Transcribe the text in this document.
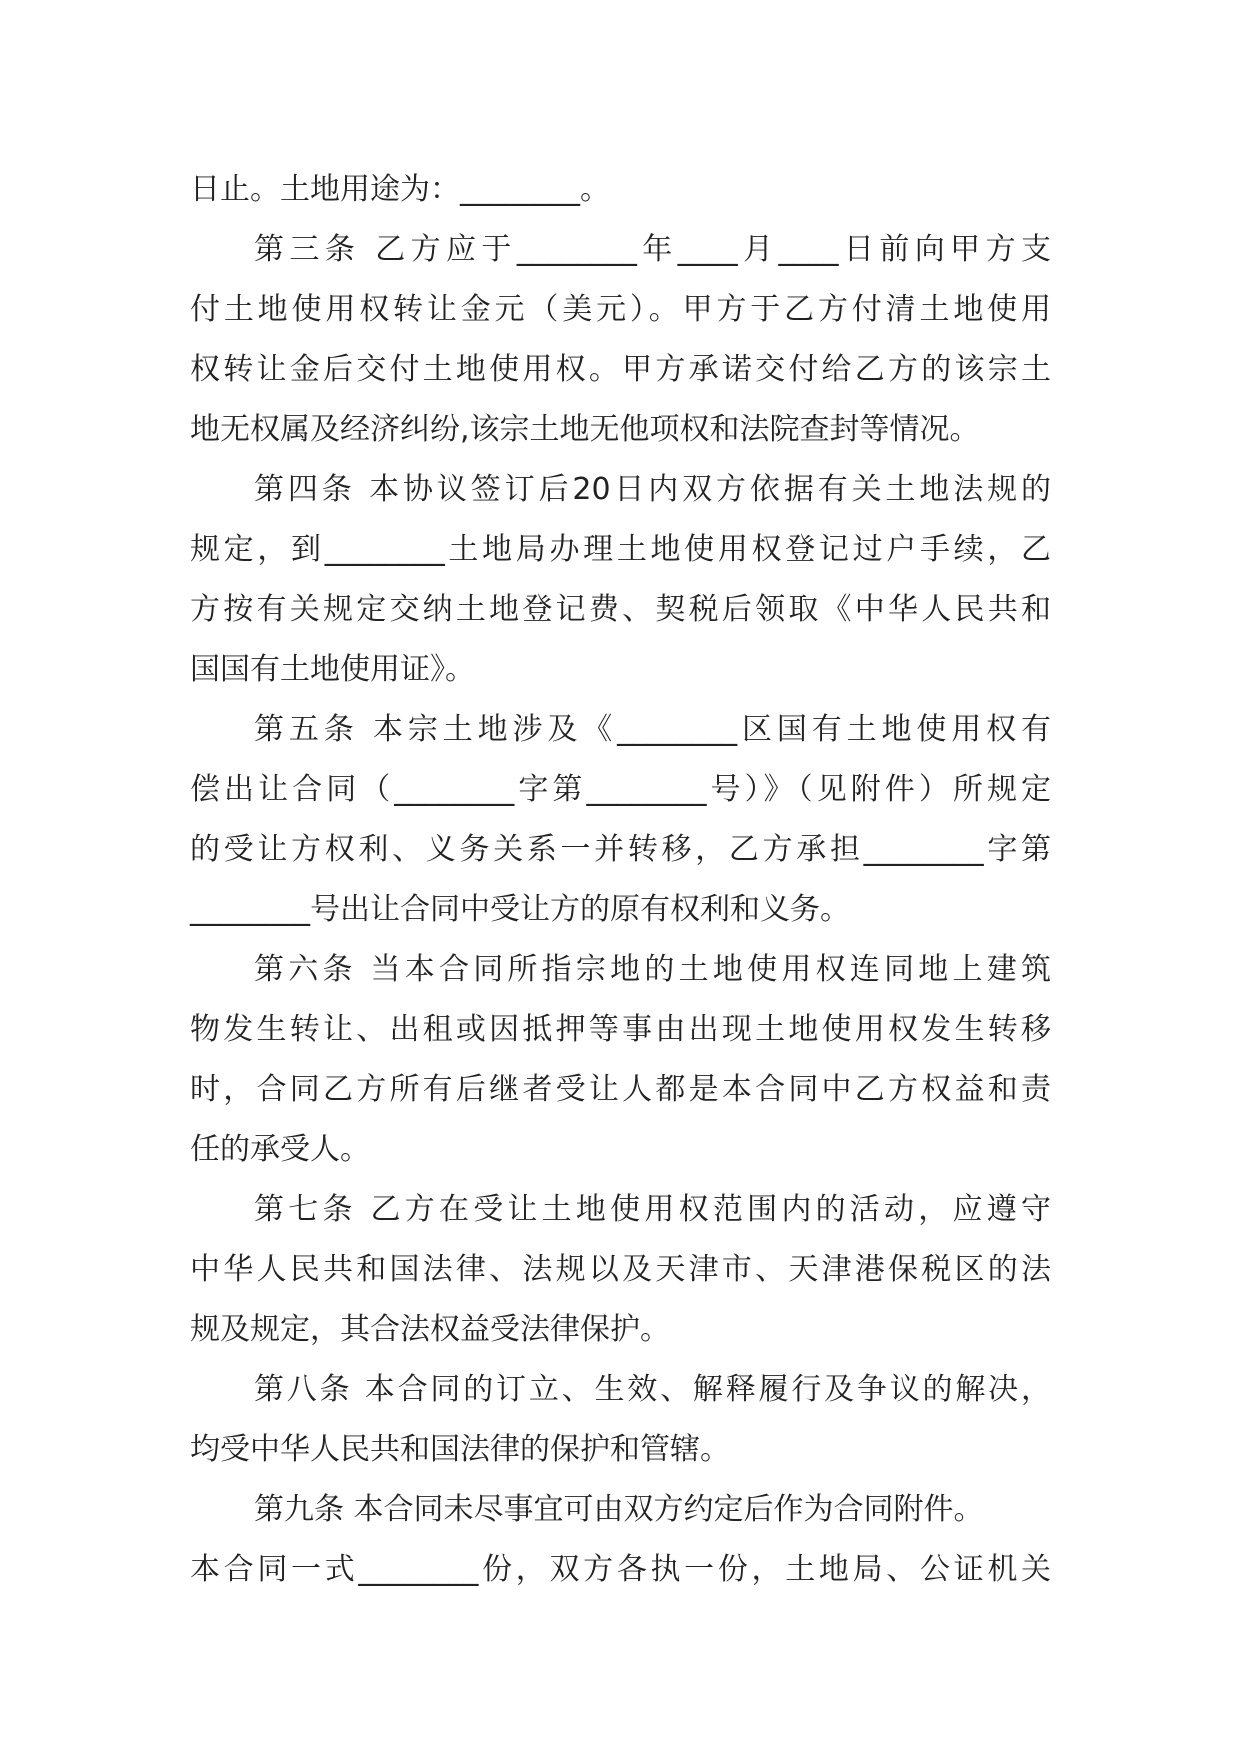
日止。土地用途为：________。
第三条 乙方应于________年____月____日前向甲方支
付土地使用权转让金元（美元）。甲方于乙方付清土地使用
权转让金后交付土地使用权。甲方承诺交付给乙方的该宗土
地无权属及经济纠纷,该宗土地无他项权和法院查封等情况。
第四条 本协议签订后20日内双方依据有关土地法规的
规定，到________土地局办理土地使用权登记过户手续，乙
方按有关规定交纳土地登记费、契税后领取《中华人民共和
国国有土地使用证》。
第五条 本宗土地涉及《________区国有土地使用权有
偿出让合同（________字第________号）》（见附件）所规定
的受让方权利、义务关系一并转移，乙方承担________字第
________号出让合同中受让方的原有权利和义务。
第六条 当本合同所指宗地的土地使用权连同地上建筑
物发生转让、出租或因抵押等事由出现土地使用权发生转移
时，合同乙方所有后继者受让人都是本合同中乙方权益和责
任的承受人。
第七条 乙方在受让土地使用权范围内的活动，应遵守
中华人民共和国法律、法规以及天津市、天津港保税区的法
规及规定，其合法权益受法律保护。
第八条 本合同的订立、生效、解释履行及争议的解决，
均受中华人民共和国法律的保护和管辖。
第九条 本合同未尽事宜可由双方约定后作为合同附件。
本合同一式________份，双方各执一份，土地局、公证机关
